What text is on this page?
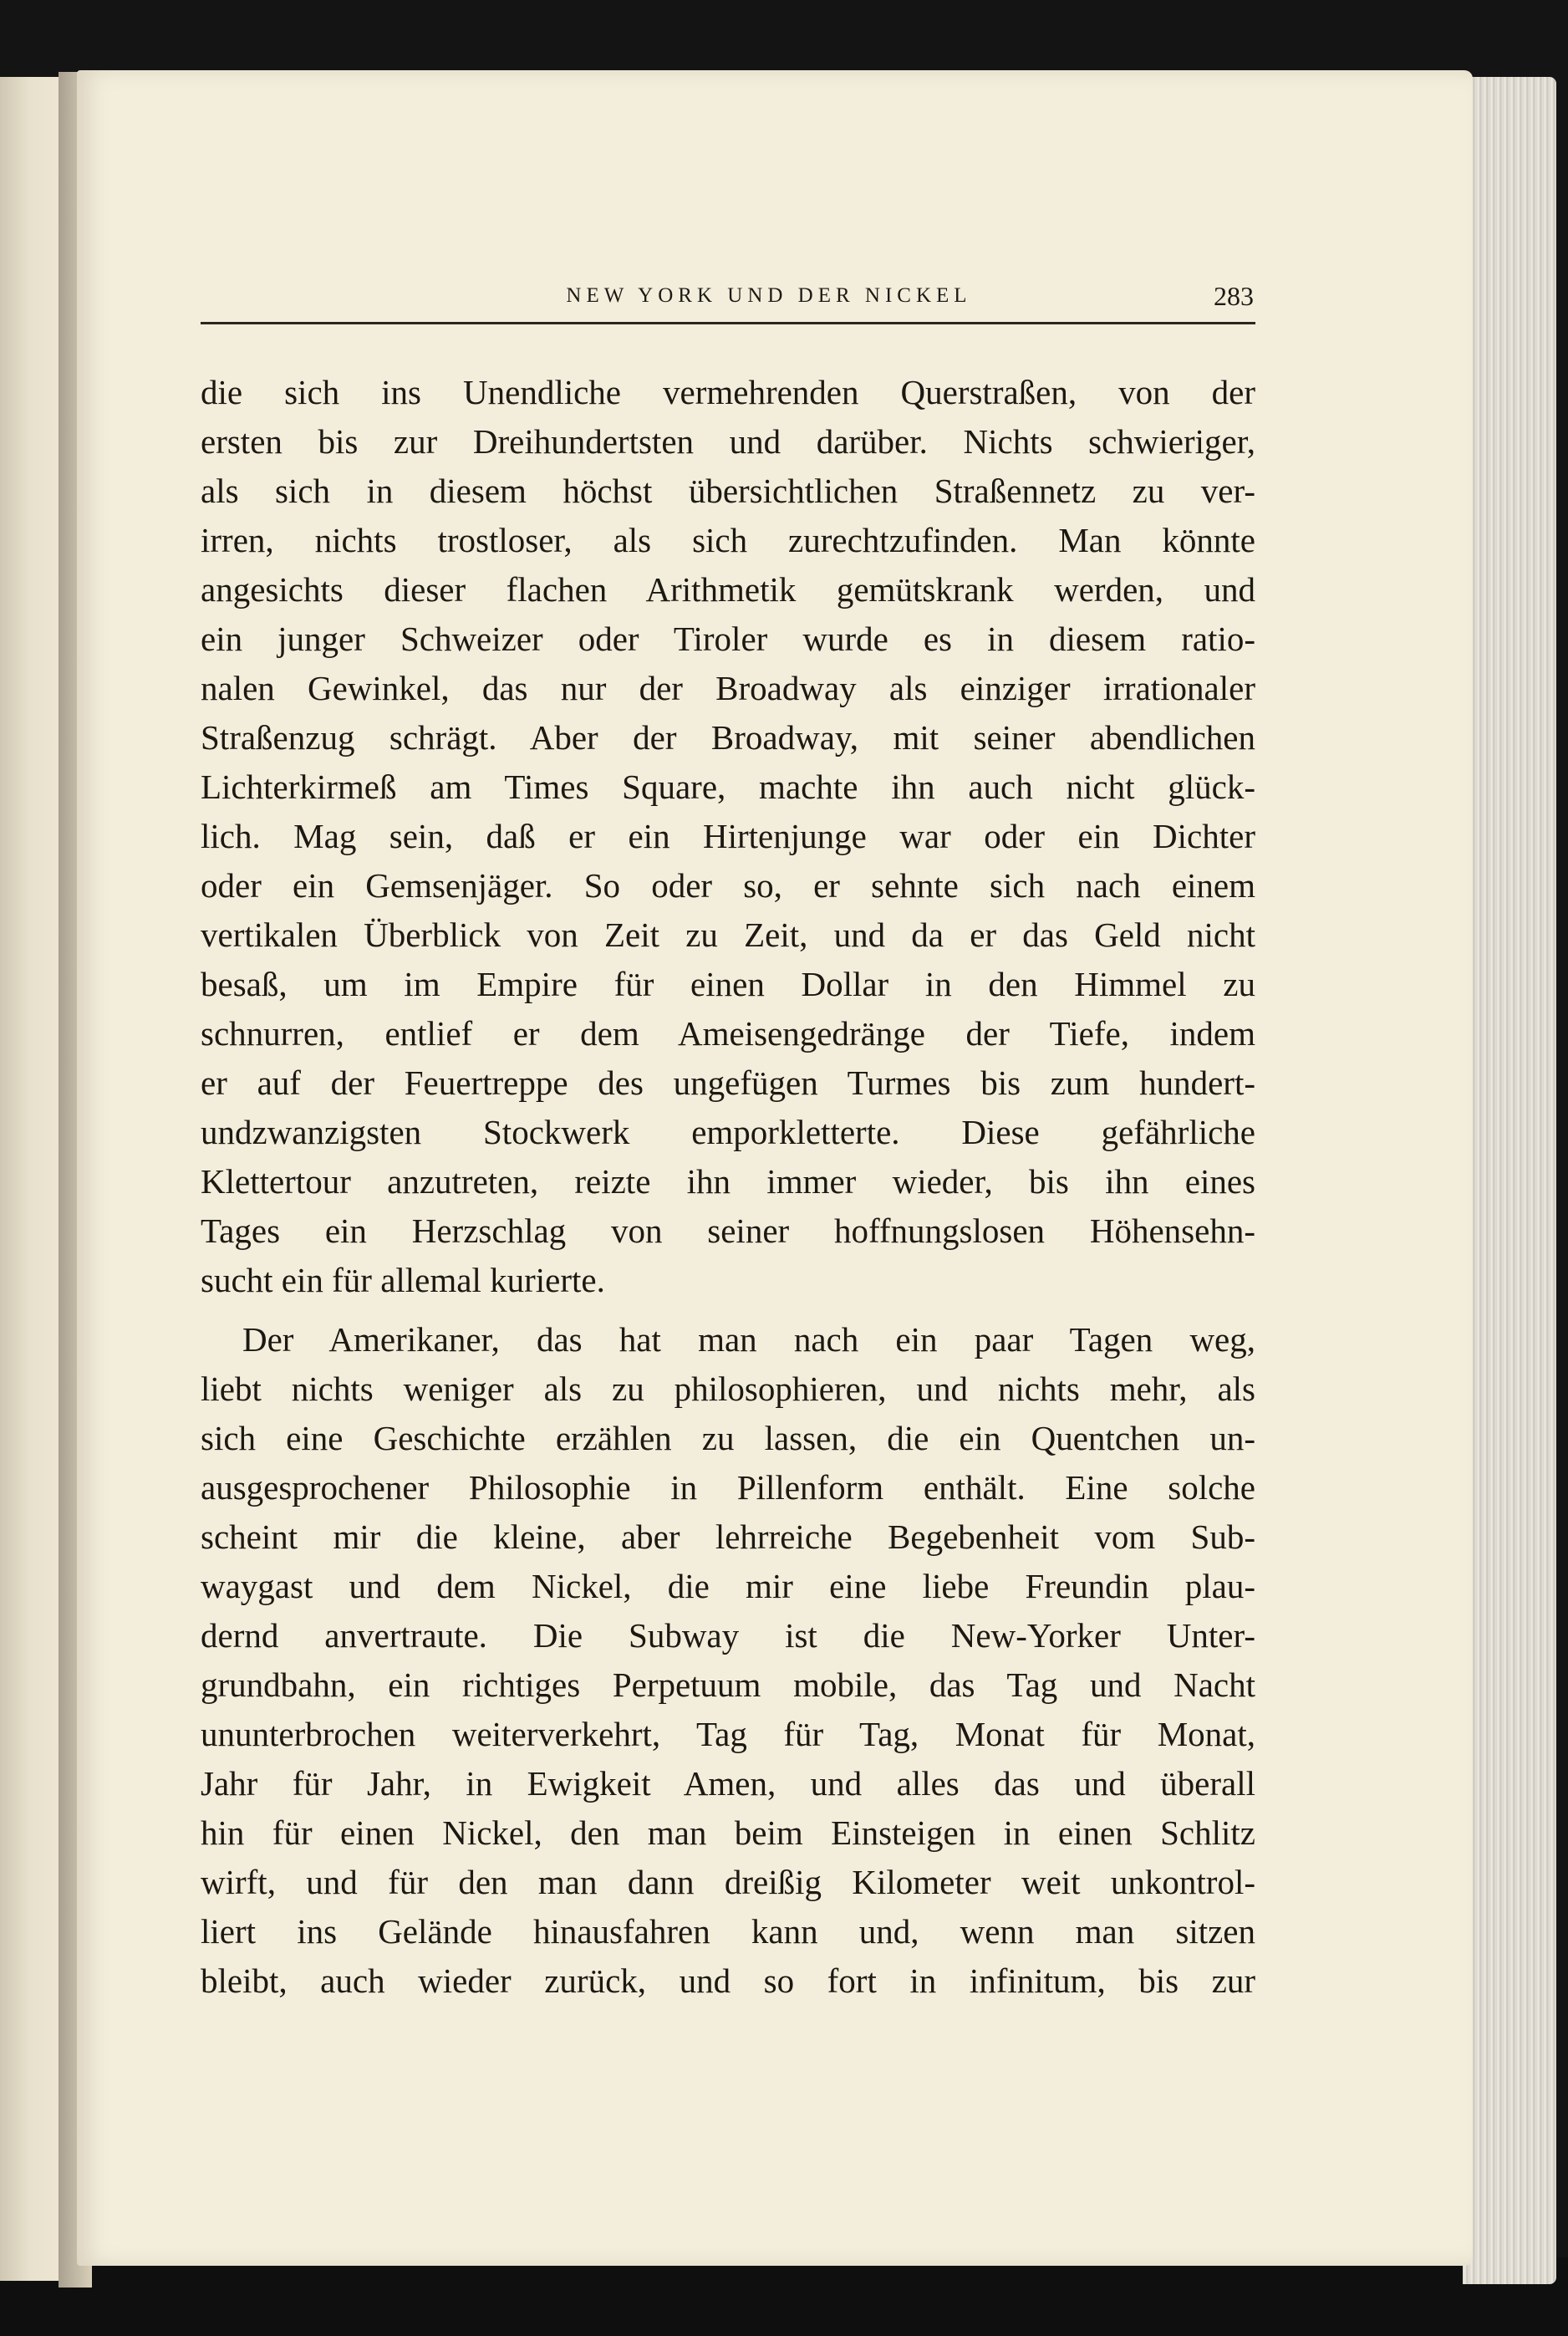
NEW YORK UND DER NICKEL	283
die sich ins Unendliche vermehrenden Querstraßen, von der
ersten bis zur Dreihundertsten und darüber. Nichts schwieriger,
als sich in diesem höchst übersichtlichen Straßennetz zu ver-
irren, nichts trostloser, als sich zurechtzufinden. Man könnte
angesichts dieser flachen Arithmetik gemütskrank werden, und
ein junger Schweizer oder Tiroler wurde es in diesem ratio-
nalen Gewinkel, das nur der Broadway als einziger irrationaler
Straßenzug schrägt. Aber der Broadway, mit seiner abendlichen
Lichterkirmeß am Times Square, machte ihn auch nicht glück-
lich. Mag sein, daß er ein Hirtenjunge war oder ein Dichter
oder ein Gemsenjäger. So oder so, er sehnte sich nach einem
vertikalen Überblick von Zeit zu Zeit, und da er das Geld nicht
besaß, um im Empire für einen Dollar in den Himmel zu
schnurren, entlief er dem Ameisengedränge der Tiefe, indem
er auf der Feuertreppe des ungefügen Turmes bis zum hundert-
undzwanzigsten Stockwerk emporkletterte. Diese gefährliche
Klettertour anzutreten, reizte ihn immer wieder, bis ihn eines
Tages ein Herzschlag von seiner hoffnungslosen Höhensehn-
sucht ein für allemal kurierte.
Der Amerikaner, das hat man nach ein paar Tagen weg,
liebt nichts weniger als zu philosophieren, und nichts mehr, als
sich eine Geschichte erzählen zu lassen, die ein Quentchen un-
ausgesprochener Philosophie in Pillenform enthält. Eine solche
scheint mir die kleine, aber lehrreiche Begebenheit vom Sub-
waygast und dem Nickel, die mir eine liebe Freundin plau-
dernd anvertraute. Die Subway ist die New-Yorker Unter-
grundbahn, ein richtiges Perpetuum mobile, das Tag und Nacht
ununterbrochen weiterverkehrt, Tag für Tag, Monat für Monat,
Jahr für Jahr, in Ewigkeit Amen, und alles das und überall
hin für einen Nickel, den man beim Einsteigen in einen Schlitz
wirft, und für den man dann dreißig Kilometer weit unkontrol-
liert ins Gelände hinausfahren kann und, wenn man sitzen
bleibt, auch wieder zurück, und so fort in infinitum, bis zur
